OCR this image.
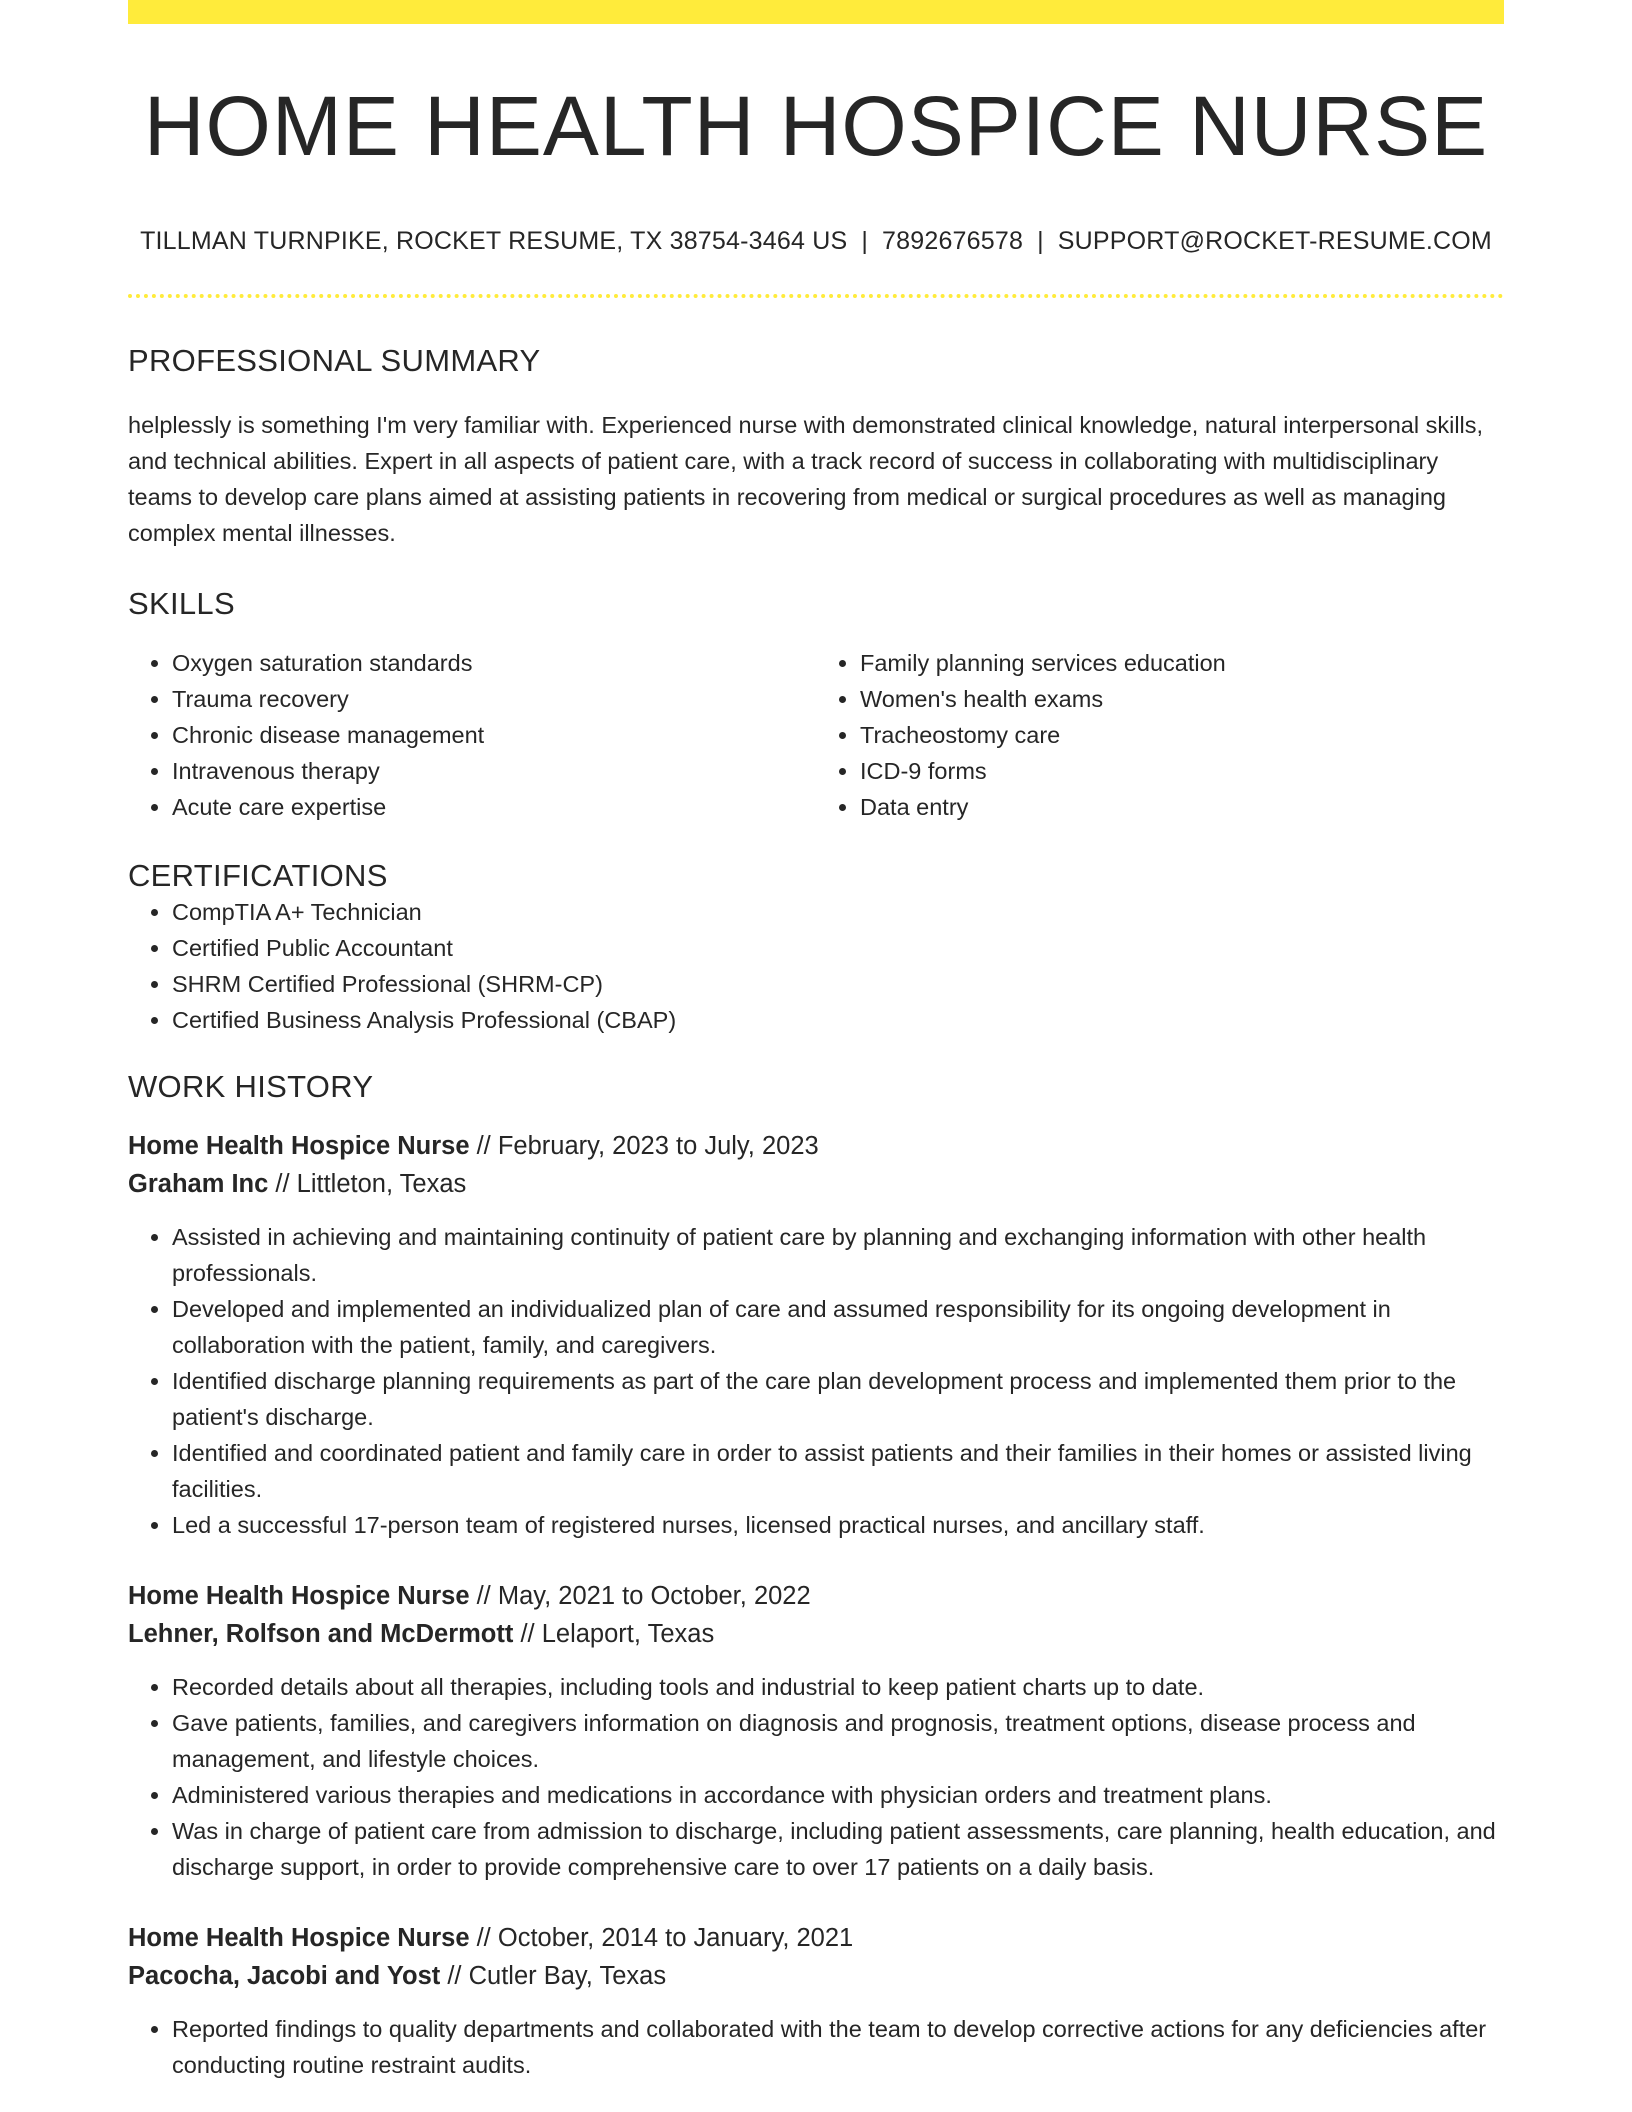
HOME HEALTH HOSPICE NURSE
TILLMAN TURNPIKE, ROCKET RESUME, TX 38754-3464 US | 7892676578 | SUPPORT@ROCKET-RESUME.COM
PROFESSIONAL SUMMARY

helplessly is something I'm very familiar with. Experienced nurse with demonstrated clinical knowledge, natural interpersonal skills, and technical abilities. Expert in all aspects of patient care, with a track record of success in collaborating with multidisciplinary teams to develop care plans aimed at assisting patients in recovering from medical or surgical procedures as well as managing complex mental illnesses.

SKILLS
• Oxygen saturation standards
• Trauma recovery
• Chronic disease management
• Intravenous therapy
• Acute care expertise
• Family planning services education
• Women's health exams
• Tracheostomy care
• ICD-9 forms
• Data entry
CERTIFICATIONS
• CompTIA A+ Technician
• Certified Public Accountant
• SHRM Certified Professional (SHRM-CP)
• Certified Business Analysis Professional (CBAP)
WORK HISTORY
Home Health Hospice Nurse // February, 2023 to July, 2023
Graham Inc // Littleton, Texas
• Assisted in achieving and maintaining continuity of patient care by planning and exchanging information with other health professionals.
• Developed and implemented an individualized plan of care and assumed responsibility for its ongoing development in collaboration with the patient, family, and caregivers.
• Identified discharge planning requirements as part of the care plan development process and implemented them prior to the patient's discharge.
• Identified and coordinated patient and family care in order to assist patients and their families in their homes or assisted living facilities.
• Led a successful 17-person team of registered nurses, licensed practical nurses, and ancillary staff.
Home Health Hospice Nurse // May, 2021 to October, 2022
Lehner, Rolfson and McDermott // Lelaport, Texas
• Recorded details about all therapies, including tools and industrial to keep patient charts up to date.
• Gave patients, families, and caregivers information on diagnosis and prognosis, treatment options, disease process and management, and lifestyle choices.
• Administered various therapies and medications in accordance with physician orders and treatment plans.
• Was in charge of patient care from admission to discharge, including patient assessments, care planning, health education, and discharge support, in order to provide comprehensive care to over 17 patients on a daily basis.
Home Health Hospice Nurse // October, 2014 to January, 2021
Pacocha, Jacobi and Yost // Cutler Bay, Texas
• Reported findings to quality departments and collaborated with the team to develop corrective actions for any deficiencies after conducting routine restraint audits.
